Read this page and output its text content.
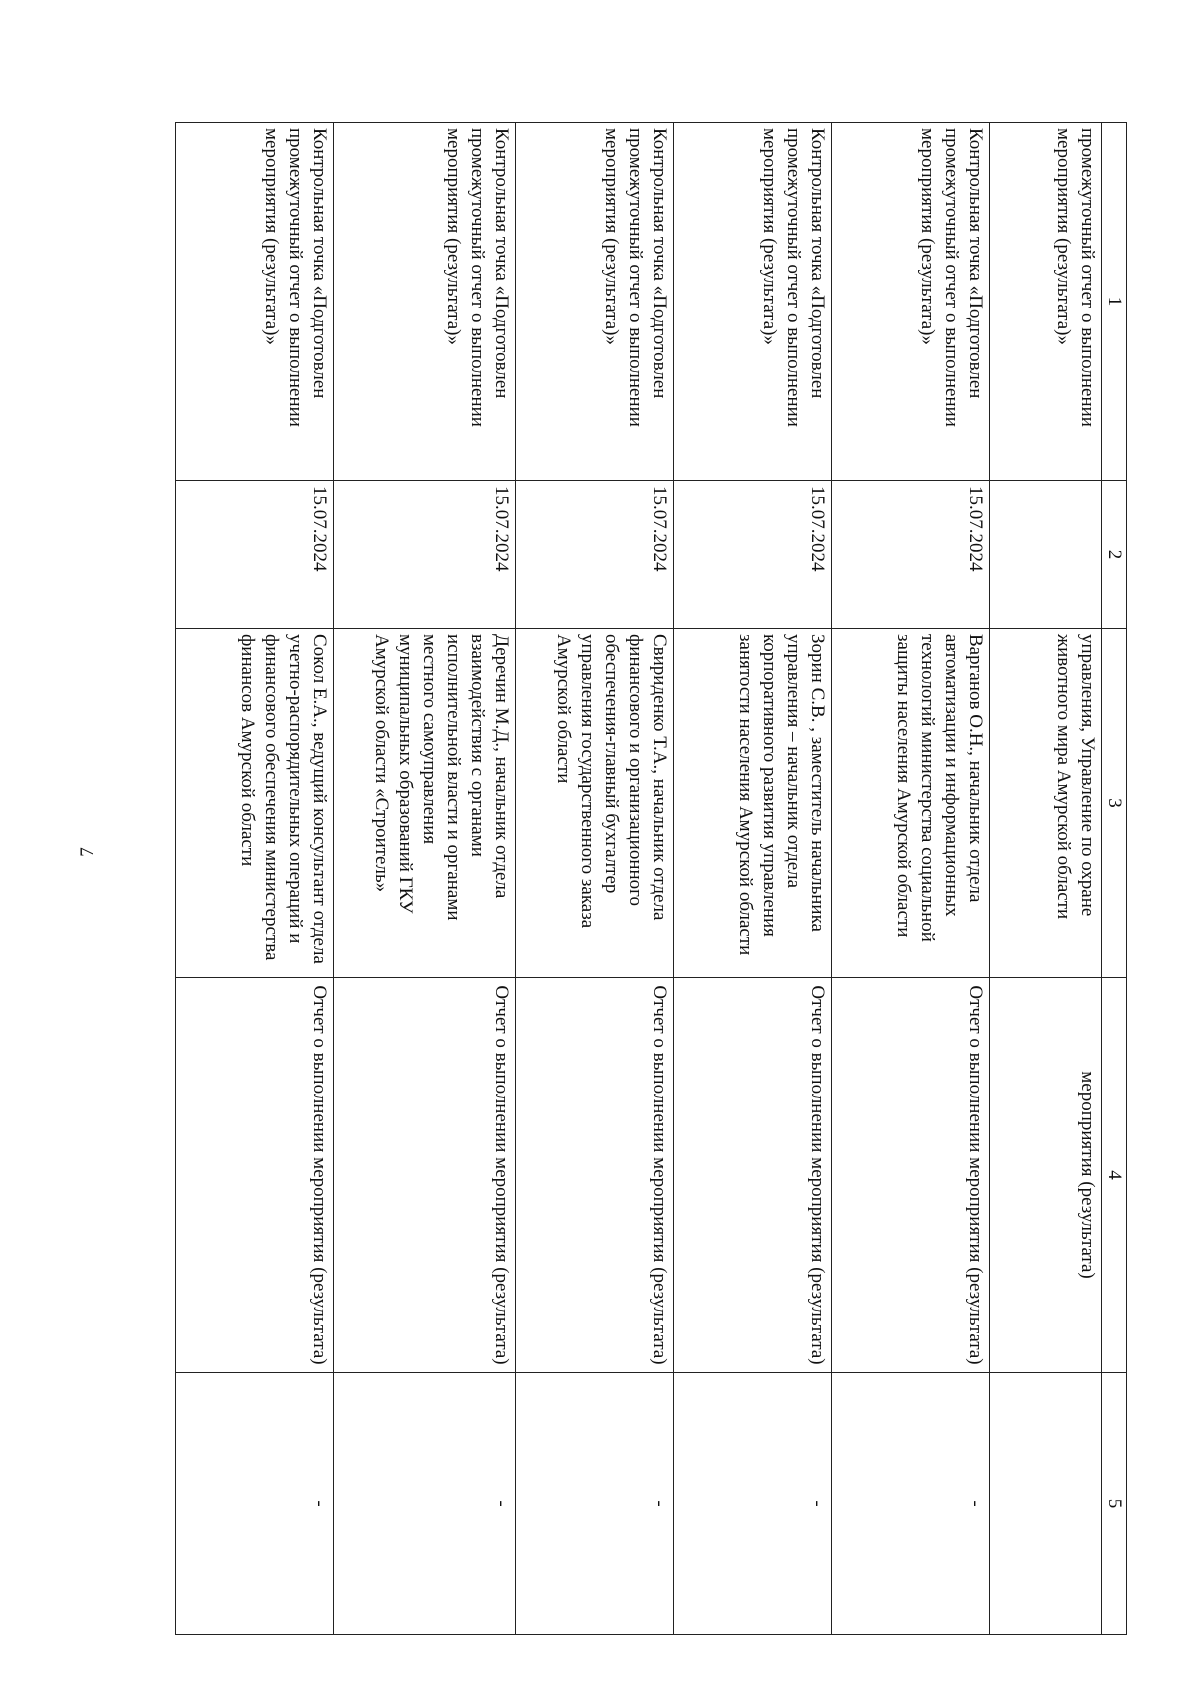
7
1	2	3	4	5

промежуточный отчет о выполнении мероприятия (результата)»		управления, Управление по охране животного мира Амурской области	мероприятия (результата)	

Контрольная точка «Подготовлен промежуточный отчет о выполнении мероприятия (результата)»	15.07.2024	Варганов О.Н., начальник отдела автоматизации и информационных технологий министерства социальной защиты населения Амурской области	Отчет о выполнении мероприятия (результата)	-

Контрольная точка «Подготовлен промежуточный отчет о выполнении мероприятия (результата)»	15.07.2024	Зорин С.В. , заместитель начальника управления – начальник отдела корпоративного развития управления занятости населения Амурской области	Отчет о выполнении мероприятия (результата)	-

Контрольная точка «Подготовлен промежуточный отчет о выполнении мероприятия (результата)»	15.07.2024	Свириденко Т.А., начальник отдела финансового и организационного обеспечения-главный бухгалтер управления государственного заказа Амурской области	Отчет о выполнении мероприятия (результата)	-

Контрольная точка «Подготовлен промежуточный отчет о выполнении мероприятия (результата)»	15.07.2024	Деречин М.Д., начальник отдела взаимодействия с органами исполнительной власти и органами местного самоуправления муниципальных образований ГКУ Амурской области «Строитель»	Отчет о выполнении мероприятия (результата)	-

Контрольная точка «Подготовлен промежуточный отчет о выполнении мероприятия (результата)»	15.07.2024	Сокол Е.А., ведущий консультант отдела учетно-распорядительных операций и финансового обеспечения министерства финансов Амурской области	Отчет о выполнении мероприятия (результата)	-
